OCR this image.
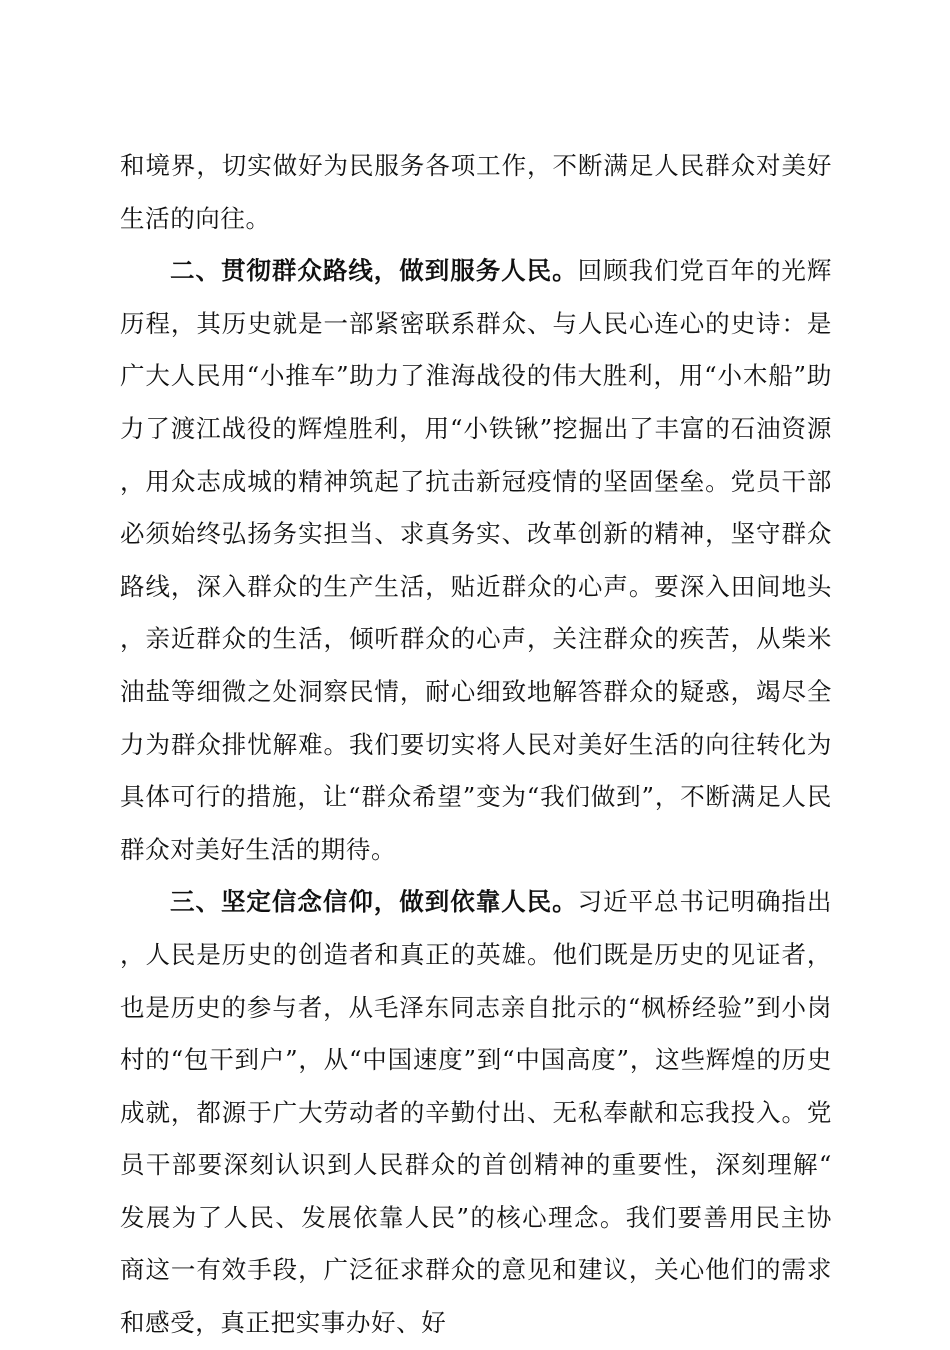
和境界，切实做好为民服务各项工作，不断满足人民群众对美好生活的向往。

二、贯彻群众路线，做到服务人民。回顾我们党百年的光辉历程，其历史就是一部紧密联系群众、与人民心连心的史诗：是广大人民用“小推车”助力了淮海战役的伟大胜利，用“小木船”助力了渡江战役的辉煌胜利，用“小铁锹”挖掘出了丰富的石油资源，用众志成城的精神筑起了抗击新冠疫情的坚固堡垒。党员干部必须始终弘扬务实担当、求真务实、改革创新的精神，坚守群众路线，深入群众的生产生活，贴近群众的心声。要深入田间地头，亲近群众的生活，倾听群众的心声，关注群众的疾苦，从柴米油盐等细微之处洞察民情，耐心细致地解答群众的疑惑，竭尽全力为群众排忧解难。我们要切实将人民对美好生活的向往转化为具体可行的措施，让“群众希望”变为“我们做到”，不断满足人民群众对美好生活的期待。

三、坚定信念信仰，做到依靠人民。习近平总书记明确指出，人民是历史的创造者和真正的英雄。他们既是历史的见证者，也是历史的参与者，从毛泽东同志亲自批示的“枫桥经验”到小岗村的“包干到户”，从“中国速度”到“中国高度”，这些辉煌的历史成就，都源于广大劳动者的辛勤付出、无私奉献和忘我投入。党员干部要深刻认识到人民群众的首创精神的重要性，深刻理解“发展为了人民、发展依靠人民”的核心理念。我们要善用民主协商这一有效手段，广泛征求群众的意见和建议，关心他们的需求和感受，真正把实事办好、好
